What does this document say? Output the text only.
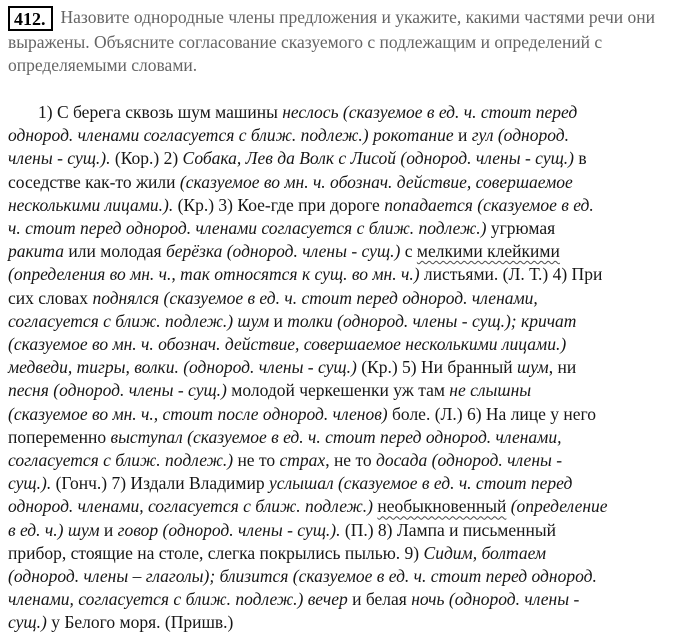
412. Назовите однородные члены предложения и укажите, какими частями речи они
выражены. Объясните согласование сказуемого с подлежащим и определений с
определяемыми словами.
1) С берега сквозь шум машины неслось (сказуемое в ед. ч. стоит перед
однород. членами согласуется с ближ. подлеж.) рокотание и гул (однород.
члены - сущ.). (Кор.) 2) Собака, Лев да Волк с Лисой (однород. члены - сущ.) в
соседстве как-то жили (сказуемое во мн. ч. обознач. действие, совершаемое
несколькими лицами.). (Кр.) 3) Кое-где при дороге попадается (сказуемое в ед.
ч. стоит перед однород. членами согласуется с ближ. подлеж.) угрюмая
ракита или молодая берёзка (однород. члены - сущ.) с мелкими клейкими
(определения во мн. ч., так относятся к сущ. во мн. ч.) листьями. (Л. Т.) 4) При
сих словах поднялся (сказуемое в ед. ч. стоит перед однород. членами,
согласуется с ближ. подлеж.) шум и толки (однород. члены - сущ.); кричат
(сказуемое во мн. ч. обознач. действие, совершаемое несколькими лицами.)
медведи, тигры, волки. (однород. члены - сущ.) (Кр.) 5) Ни бранный шум, ни
песня (однород. члены - сущ.) молодой черкешенки уж там не слышны
(сказуемое во мн. ч., стоит после однород. членов) боле. (Л.) 6) На лице у него
попеременно выступал (сказуемое в ед. ч. стоит перед однород. членами,
согласуется с ближ. подлеж.) не то страх, не то досада (однород. члены -
сущ.). (Гонч.) 7) Издали Владимир услышал (сказуемое в ед. ч. стоит перед
однород. членами, согласуется с ближ. подлеж.) необыкновенный (определение
в ед. ч.) шум и говор (однород. члены - сущ.). (П.) 8) Лампа и письменный
прибор, стоящие на столе, слегка покрылись пылью. 9) Сидим, болтаем
(однород. члены – глаголы); близится (сказуемое в ед. ч. стоит перед однород.
членами, согласуется с ближ. подлеж.) вечер и белая ночь (однород. члены -
сущ.) у Белого моря. (Пришв.)
